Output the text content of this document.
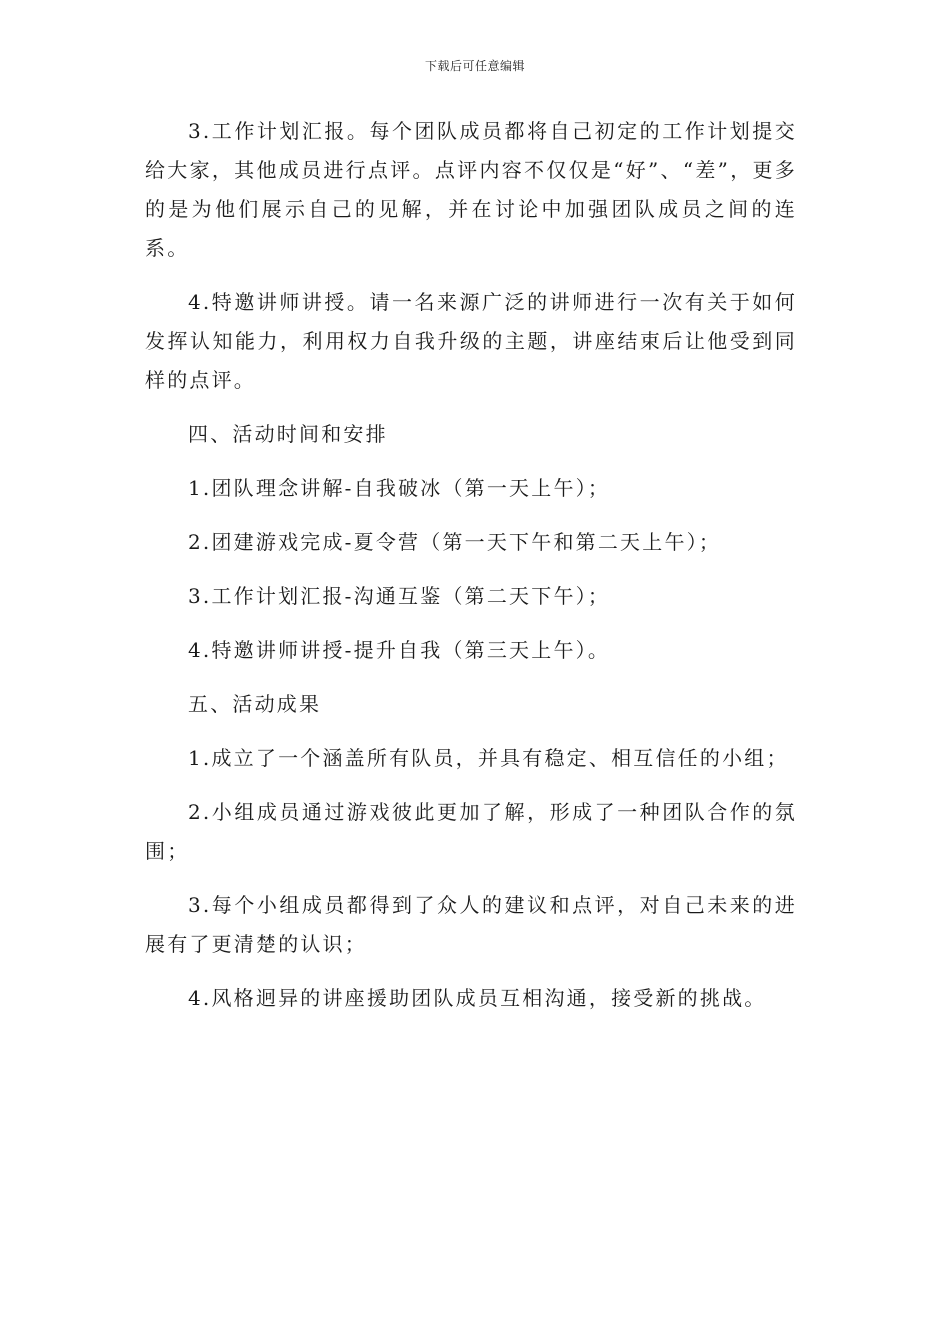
下载后可任意编辑

3.工作计划汇报。每个团队成员都将自己初定的工作计划提交给大家，其他成员进行点评。点评内容不仅仅是“好”、“差”，更多的是为他们展示自己的见解，并在讨论中加强团队成员之间的连系。

4.特邀讲师讲授。请一名来源广泛的讲师进行一次有关于如何发挥认知能力，利用权力自我升级的主题，讲座结束后让他受到同样的点评。

四、活动时间和安排

1.团队理念讲解-自我破冰（第一天上午）；

2.团建游戏完成-夏令营（第一天下午和第二天上午）；

3.工作计划汇报-沟通互鉴（第二天下午）；

4.特邀讲师讲授-提升自我（第三天上午）。

五、活动成果

1.成立了一个涵盖所有队员，并具有稳定、相互信任的小组；

2.小组成员通过游戏彼此更加了解，形成了一种团队合作的氛围；

3.每个小组成员都得到了众人的建议和点评，对自己未来的进展有了更清楚的认识；

4.风格迥异的讲座援助团队成员互相沟通，接受新的挑战。
